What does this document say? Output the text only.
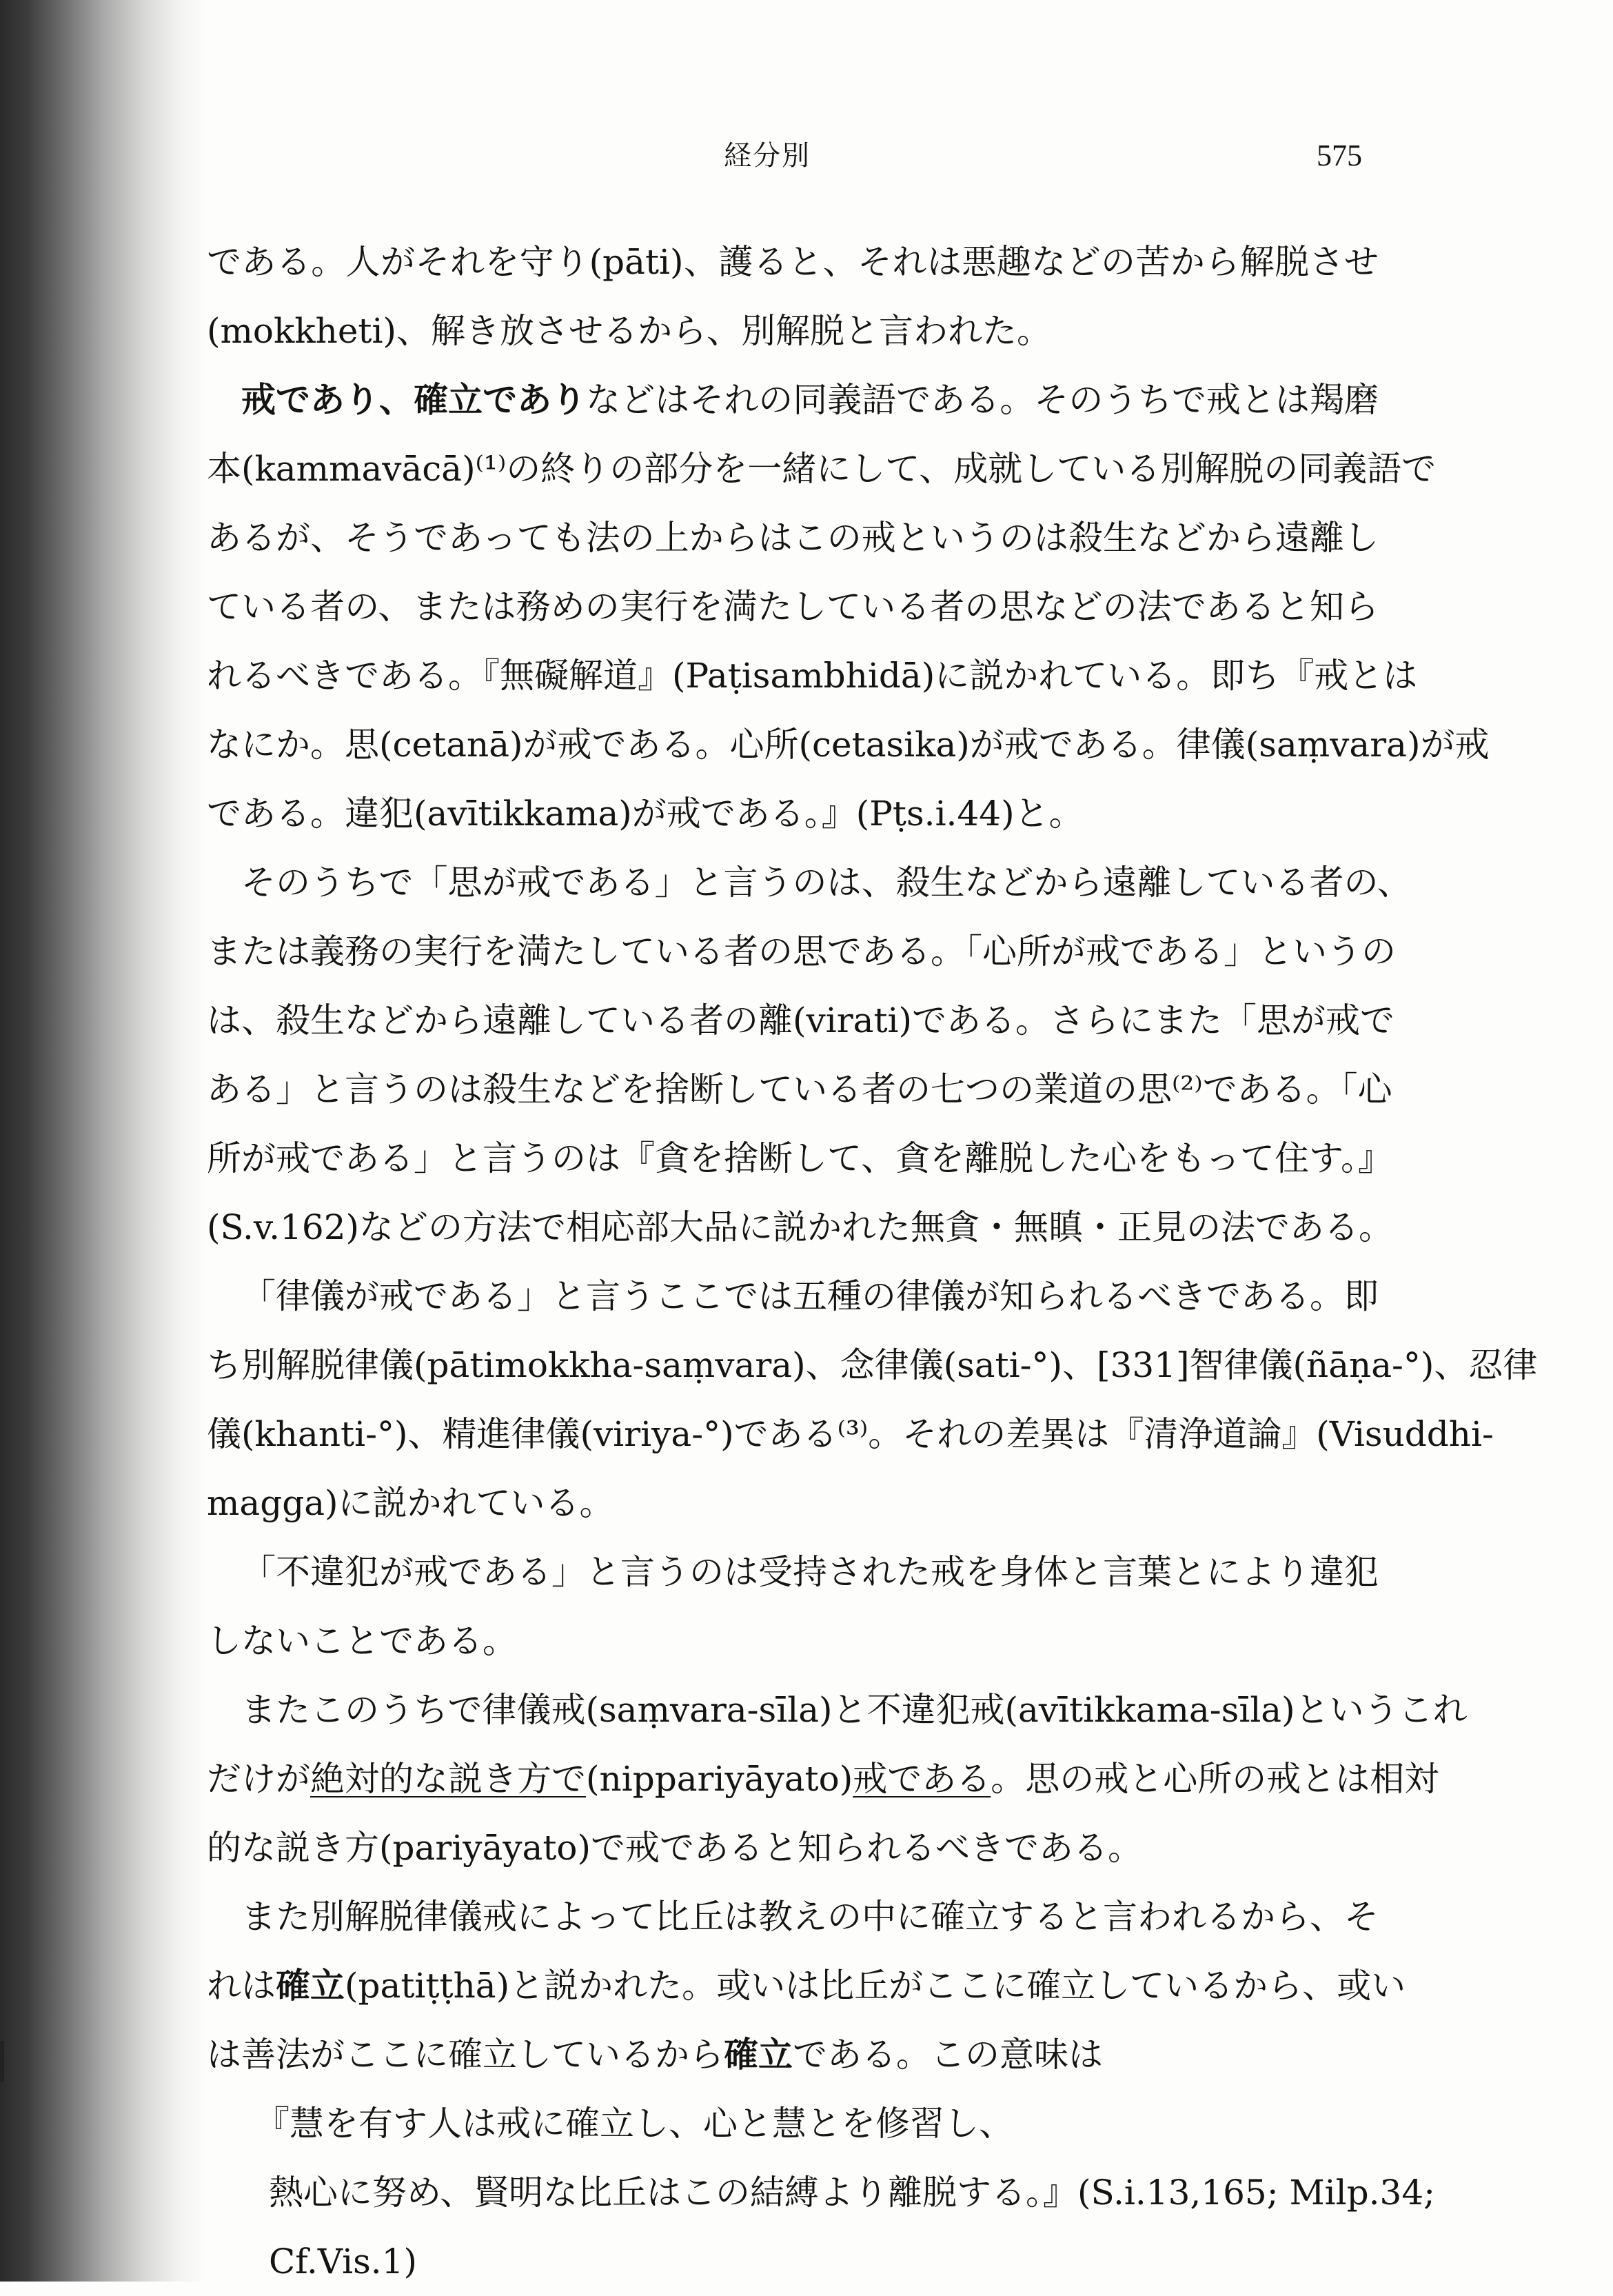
経分別	575
である。人がそれを守り(pāti)、護ると、それは悪趣などの苦から解脱させ
(mokkheti)、解き放させるから、別解脱と言われた。
戒であり、確立でありなどはそれの同義語である。そのうちで戒とは羯磨
本(kammavācā)⁽¹⁾の終りの部分を一緒にして、成就している別解脱の同義語で
あるが、そうであっても法の上からはこの戒というのは殺生などから遠離し
ている者の、または務めの実行を満たしている者の思などの法であると知ら
れるべきである。『無礙解道』(Paṭisambhidā)に説かれている。即ち『戒とは
なにか。思(cetanā)が戒である。心所(cetasika)が戒である。律儀(saṃvara)が戒
である。違犯(avītikkama)が戒である。』(Pṭs.i.44)と。
そのうちで「思が戒である」と言うのは、殺生などから遠離している者の、
または義務の実行を満たしている者の思である。「心所が戒である」というの
は、殺生などから遠離している者の離(virati)である。さらにまた「思が戒で
ある」と言うのは殺生などを捨断している者の七つの業道の思⁽²⁾である。「心
所が戒である」と言うのは『貪を捨断して、貪を離脱した心をもって住す。』
(S.v.162)などの方法で相応部大品に説かれた無貪・無瞋・正見の法である。
「律儀が戒である」と言うここでは五種の律儀が知られるべきである。即
ち別解脱律儀(pātimokkha-saṃvara)、念律儀(sati-°)、[331]智律儀(ñāṇa-°)、忍律
儀(khanti-°)、精進律儀(viriya-°)である⁽³⁾。それの差異は『清浄道論』(Visuddhi-
magga)に説かれている。
「不違犯が戒である」と言うのは受持された戒を身体と言葉とにより違犯
しないことである。
またこのうちで律儀戒(saṃvara-sīla)と不違犯戒(avītikkama-sīla)というこれ
だけが絶対的な説き方で(nippariyāyato)戒である。思の戒と心所の戒とは相対
的な説き方(pariyāyato)で戒であると知られるべきである。
また別解脱律儀戒によって比丘は教えの中に確立すると言われるから、そ
れは確立(patiṭṭhā)と説かれた。或いは比丘がここに確立しているから、或い
は善法がここに確立しているから確立である。この意味は
『慧を有す人は戒に確立し、心と慧とを修習し、
熱心に努め、賢明な比丘はこの結縛より離脱する。』(S.i.13,165; Milp.34;
Cf.Vis.1)
